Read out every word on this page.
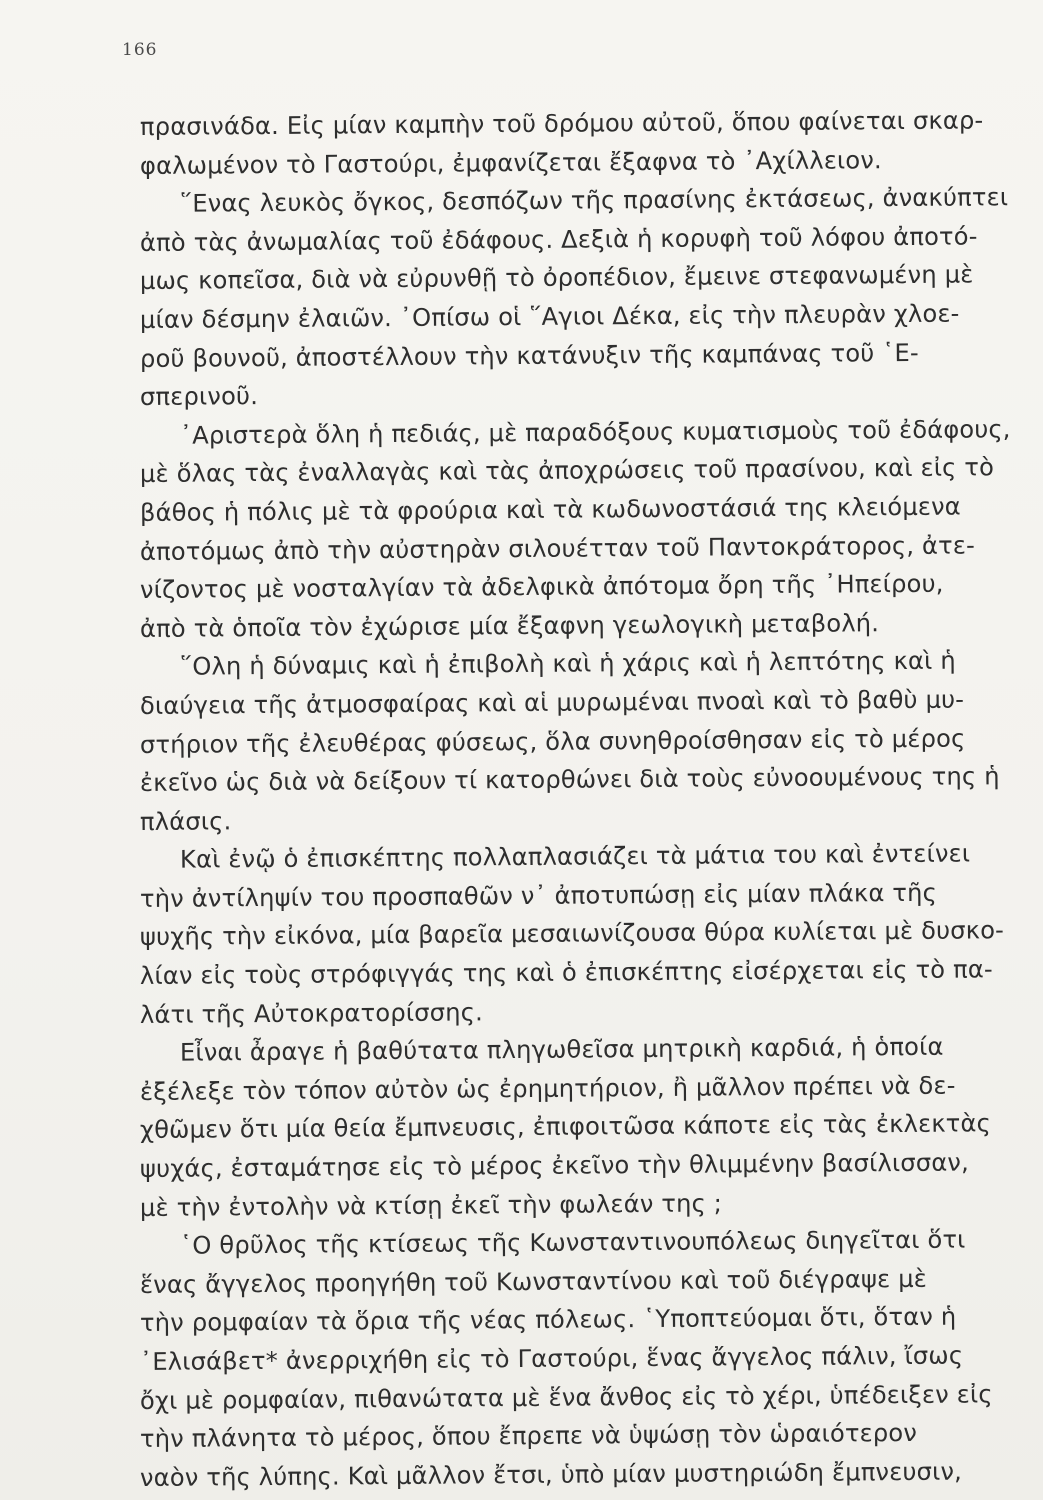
166
πρασινάδα. Εἰς μίαν καμπὴν τοῦ δρόμου αὐτοῦ, ὅπου φαίνεται σκαρ-
φαλωμένον τὸ Γαστούρι, ἐμφανίζεται ἔξαφνα τὸ ᾿Αχίλλειον.
῞Ενας λευκὸς ὄγκος, δεσπόζων τῆς πρασίνης ἐκτάσεως, ἀνακύπτει
ἀπὸ τὰς ἀνωμαλίας τοῦ ἐδάφους. Δεξιὰ ἡ κορυφὴ τοῦ λόφου ἀποτό-
μως κοπεῖσα, διὰ νὰ εὐρυνθῇ τὸ ὀροπέδιον, ἔμεινε στεφανωμένη μὲ
μίαν δέσμην ἐλαιῶν. ᾿Οπίσω οἱ ῞Αγιοι Δέκα, εἰς τὴν πλευρὰν χλοε-
ροῦ βουνοῦ, ἀποστέλλουν τὴν κατάνυξιν τῆς καμπάνας τοῦ ῾Ε-
σπερινοῦ.
᾿Αριστερὰ ὅλη ἡ πεδιάς, μὲ παραδόξους κυματισμοὺς τοῦ ἐδάφους,
μὲ ὅλας τὰς ἐναλλαγὰς καὶ τὰς ἀποχρώσεις τοῦ πρασίνου, καὶ εἰς τὸ
βάθος ἡ πόλις μὲ τὰ φρούρια καὶ τὰ κωδωνοστάσιά της κλειόμενα
ἀποτόμως ἀπὸ τὴν αὐστηρὰν σιλουέτταν τοῦ Παντοκράτορος, ἀτε-
νίζοντος μὲ νοσταλγίαν τὰ ἀδελφικὰ ἀπότομα ὄρη τῆς ᾿Ηπείρου,
ἀπὸ τὰ ὁποῖα τὸν ἐχώρισε μία ἔξαφνη γεωλογικὴ μεταβολή.
῞Ολη ἡ δύναμις καὶ ἡ ἐπιβολὴ καὶ ἡ χάρις καὶ ἡ λεπτότης καὶ ἡ
διαύγεια τῆς ἀτμοσφαίρας καὶ αἱ μυρωμέναι πνοαὶ καὶ τὸ βαθὺ μυ-
στήριον τῆς ἐλευθέρας φύσεως, ὅλα συνηθροίσθησαν εἰς τὸ μέρος
ἐκεῖνο ὡς διὰ νὰ δείξουν τί κατορθώνει διὰ τοὺς εὐνοουμένους της ἡ
πλάσις.
Καὶ ἐνῷ ὁ ἐπισκέπτης πολλαπλασιάζει τὰ μάτια του καὶ ἐντείνει
τὴν ἀντίληψίν του προσπαθῶν ν᾿ ἀποτυπώσῃ εἰς μίαν πλάκα τῆς
ψυχῆς τὴν εἰκόνα, μία βαρεῖα μεσαιωνίζουσα θύρα κυλίεται μὲ δυσκο-
λίαν εἰς τοὺς στρόφιγγάς της καὶ ὁ ἐπισκέπτης εἰσέρχεται εἰς τὸ πα-
λάτι τῆς Αὐτοκρατορίσσης.
Εἶναι ἆραγε ἡ βαθύτατα πληγωθεῖσα μητρικὴ καρδιά, ἡ ὁποία
ἐξέλεξε τὸν τόπον αὐτὸν ὡς ἐρημητήριον, ἢ μᾶλλον πρέπει νὰ δε-
χθῶμεν ὅτι μία θεία ἔμπνευσις, ἐπιφοιτῶσα κάποτε εἰς τὰς ἐκλεκτὰς
ψυχάς, ἐσταμάτησε εἰς τὸ μέρος ἐκεῖνο τὴν θλιμμένην βασίλισσαν,
μὲ τὴν ἐντολὴν νὰ κτίσῃ ἐκεῖ τὴν φωλεάν της ;
῾Ο θρῦλος τῆς κτίσεως τῆς Κωνσταντινουπόλεως διηγεῖται ὅτι
ἕνας ἄγγελος προηγήθη τοῦ Κωνσταντίνου καὶ τοῦ διέγραψε μὲ
τὴν ρομφαίαν τὰ ὅρια τῆς νέας πόλεως. ῾Υποπτεύομαι ὅτι, ὅταν ἡ
᾿Ελισάβετ* ἀνερριχήθη εἰς τὸ Γαστούρι, ἕνας ἄγγελος πάλιν, ἴσως
ὄχι μὲ ρομφαίαν, πιθανώτατα μὲ ἕνα ἄνθος εἰς τὸ χέρι, ὑπέδειξεν εἰς
τὴν πλάνητα τὸ μέρος, ὅπου ἔπρεπε νὰ ὑψώσῃ τὸν ὡραιότερον
ναὸν τῆς λύπης. Καὶ μᾶλλον ἔτσι, ὑπὸ μίαν μυστηριώδη ἔμπνευσιν,
